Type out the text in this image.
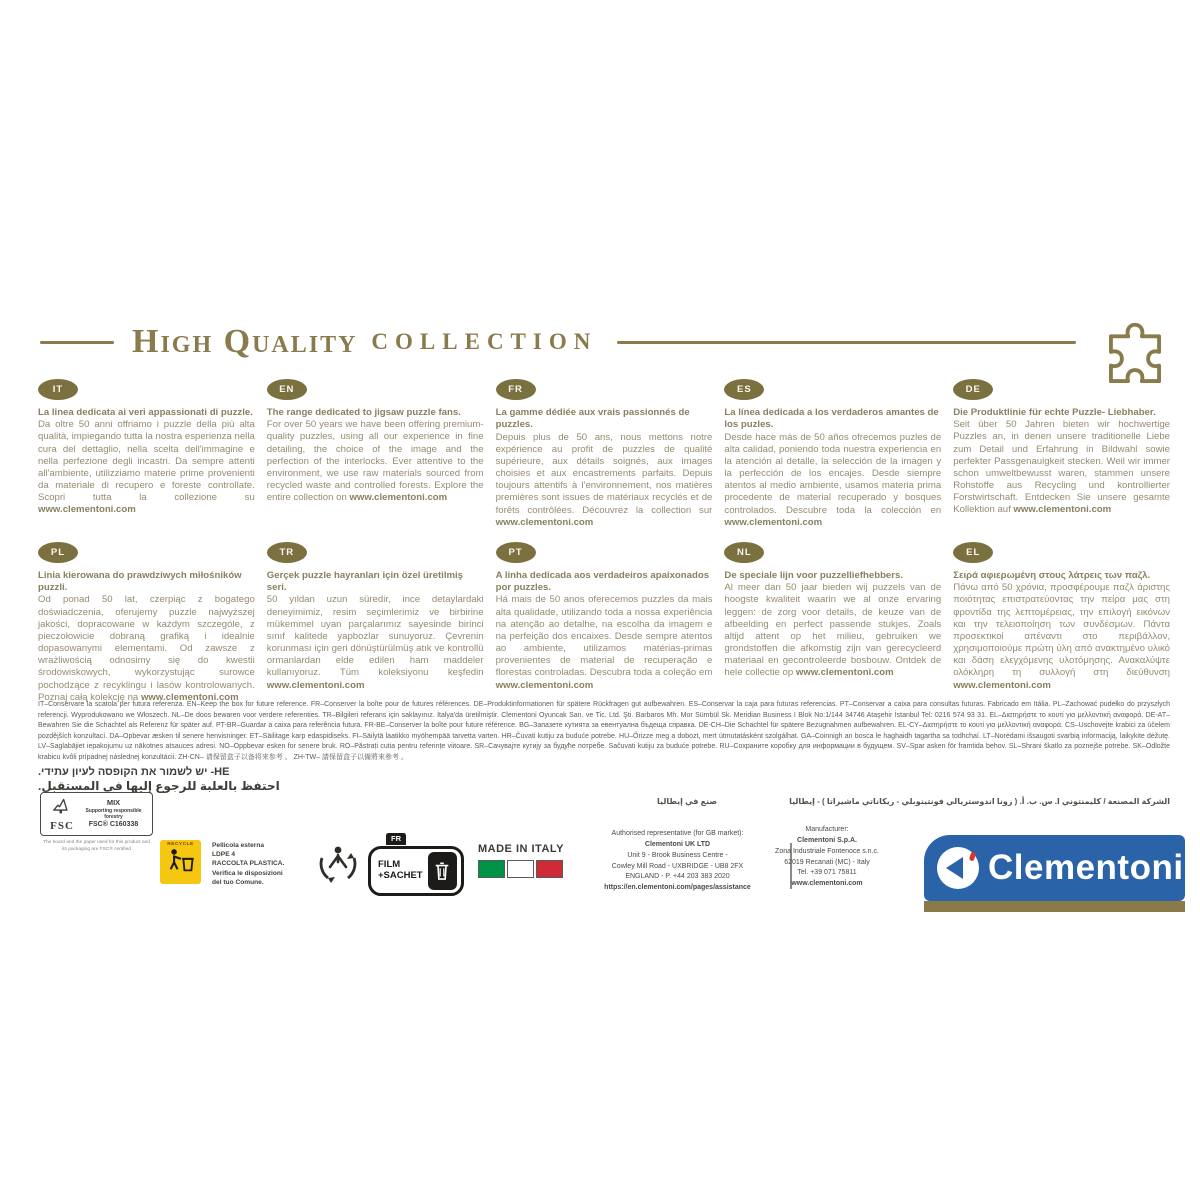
High Quality COLLECTION
IT
La linea dedicata ai veri appassionati di puzzle.
Da oltre 50 anni offriamo i puzzle della più alta qualità, impiegando tutta la nostra esperienza nella cura del dettaglio, nella scelta dell'immagine e nella perfezione degli incastri. Da sempre attenti all'ambiente, utilizziamo materie prime provenienti da materiale di recupero e foreste controllate. Scopri tutta la collezione su www.clementoni.com
EN
The range dedicated to jigsaw puzzle fans.
For over 50 years we have been offering premium-quality puzzles, using all our experience in fine detailing, the choice of the image and the perfection of the interlocks. Ever attentive to the environment, we use raw materials sourced from recycled waste and controlled forests. Explore the entire collection on www.clementoni.com
FR
La gamme dédiée aux vrais passionnés de puzzles.
Depuis plus de 50 ans, nous mettons notre expérience au profit de puzzles de qualité supérieure, aux détails soignés, aux images choisies et aux encastrements parfaits. Depuis toujours attentifs à l'environnement, nos matières premières sont issues de matériaux recyclés et de forêts contrôlées. Découvrez la collection sur www.clementoni.com
ES
La línea dedicada a los verdaderos amantes de los puzles.
Desde hace más de 50 años ofrecemos puzles de alta calidad, poniendo toda nuestra experiencia en la atención al detalle, la selección de la imagen y la perfección de los encajes. Desde siempre atentos al medio ambiente, usamos materia prima procedente de material recuperado y bosques controlados. Descubre toda la colección en www.clementoni.com
DE
Die Produktlinie für echte Puzzle- Liebhaber.
Seit über 50 Jahren bieten wir hochwertige Puzzles an, in denen unsere traditionelle Liebe zum Detail und Erfahrung in Bildwahl sowie perfekter Passgenauigkeit stecken. Weil wir immer schon umweltbewusst waren, stammen unsere Rohstoffe aus Recycling und kontrollierter Forstwirtschaft. Entdecken Sie unsere gesamte Kollektion auf www.clementoni.com
PL
Linia kierowana do prawdziwych miłośników puzzli.
Od ponad 50 lat, czerpiąc z bogatego doświadczenia, oferujemy puzzle najwyższej jakości, dopracowane w każdym szczególe, z pieczołowicie dobraną grafiką i idealnie dopasowanymi elementami. Od zawsze z wrażliwością odnosimy się do kwestii środowiskowych, wykorzystując surowce pochodzące z recyklingu i lasów kontrolowanych. Poznaj całą kolekcję na www.clementoni.com
TR
Gerçek puzzle hayranları için özel üretilmiş seri.
50 yıldan uzun süredir, ince detaylardaki deneyimimiz, resim seçimlerimiz ve birbirine mükemmel uyan parçalarımız sayesinde birinci sınıf kalitede yapbozlar sunuyoruz. Çevrenin korunması için geri dönüştürülmüş atık ve kontrollü ormanlardan elde edilen ham maddeler kullanıyoruz. Tüm koleksiyonu keşfedin www.clementoni.com
PT
A linha dedicada aos verdadeiros apaixonados por puzzles.
Há mais de 50 anos oferecemos puzzles da mais alta qualidade, utilizando toda a nossa experiência na atenção ao detalhe, na escolha da imagem e na perfeição dos encaixes. Desde sempre atentos ao ambiente, utilizamos matérias-primas provenientes de material de recuperação e florestas controladas. Descubra toda a coleção em www.clementoni.com
NL
De speciale lijn voor puzzelliefhebbers.
Al meer dan 50 jaar bieden wij puzzels van de hoogste kwaliteit waarin we al onze ervaring leggen: de zorg voor details, de keuze van de afbeelding en perfect passende stukjes. Zoals altijd attent op het milieu, gebruiken we grondstoffen die afkomstig zijn van gerecycleerd materiaal en gecontroleerde bosbouw. Ontdek de hele collectie op www.clementoni.com
EL
Σειρά αφιερωμένη στους λάτρεις των παζλ.
Πάνω από 50 χρόνια, προσφέρουμε παζλ άριστης ποιότητας επιστρατεύοντας την πείρα μας στη φροντίδα της λεπτομέρειας, την επιλογή εικόνων και την τελειοποίηση των συνδέσμων. Πάντα προσεκτικοί απέναντι στο περιβάλλον, χρησιμοποιούμε πρώτη ύλη από ανακτημένο υλικό και δάση ελεγχόμενης υλοτόμησης. Ανακαλύψτε ολόκληρη τη συλλογή στη διεύθυνση www.clementoni.com
IT–Conservare la scatola per futura referenza. EN–Keep the box for future reference. FR–Conserver la boîte pour de futures références. DE–Produktinformationen für spätere Rückfragen gut aufbewahren. ES–Conservar la caja para futuras referencias. PT–Conservar a caixa para consultas futuras. Fabricado em Itália. PL–Zachować pudełko do przyszłych referencji. Wyprodukowano we Włoszech. NL–De doos bewaren voor verdere referenties. TR–Bilgileri referans için saklayınız. İtalya'da üretilmiştir. Clementoni Oyuncak San. ve Tic. Ltd. Şti. Barbaros Mh. Mor Sümbül Sk. Meridian Business I Blok No:1/144 34746 Ataşehir İstanbul Tel: 0216 574 93 31. EL–Διατηρήστε το κουτί για μελλοντική αναφορά. DE-AT–Bewahren Sie die Schachtel als Referenz für später auf. PT-BR–Guardar a caixa para referência futura. FR-BE–Conserver la boîte pour future référence. BG–Запазете кутията за евентуална бъдеща справка. DE-CH–Die Schachtel für spätere Bezugnahmen aufbewahren. EL-CY–Διατηρήστε το κουτί για μελλοντική αναφορά. CS–Uschovejte krabici za účelem pozdějších konzultací. DA–Opbevar æsken til senere henvisninger. ET–Säilitage karp edaspidiseks. FI–Säilytä laatikko myöhempää tarvetta varten. HR–Čuvati kutiju za buduće potrebe. HU–Őrizze meg a dobozt, mert útmutatásként szolgálhat. GA–Coinnigh an bosca le haghaidh tagartha sa todhchaí. LT–Norėdami išsaugoti svarbią informaciją, laikykite dėžutę. LV–Saglabājiet iepakojumu uz nākotnes atsauces adresi. NO–Oppbevar esken for senere bruk. RO–Păstrați cutia pentru referințe viitoare. SR–Сачувајте кутију за будуће потребе. Sačuvati kutiju za buduće potrebe. RU–Сохраните коробку для информации в будущем. SV–Spar asken för framtida behov. SL–Shrani škatlo za poznejše potrebe. SK–Odložte krabicu kvôli prípadnej následnej konzultácii. ZH-CN– 请保留盒子以备将来参考 。 ZH-TW– 請保留盒子以備將來參考 。
HE- יש לשמור את הקופסה לעיון עתידי.
احتفظ بالعلبة للرجوع إليها في المستقبل.
الشركة المصنعة / كليمنتوني ا. س. ب. أ. ( زونا اندوستريالي فونتينوبلي - ريكاناتي ماشيراتا ) - إيطاليا
صنع في إيطاليا
FSC
MIX
Supporting responsible forestry
FSC® C160338
The board and the paper used for this product and its packaging are FSC® certified
RECYCLE	Pellicola esterna
LDPE 4
RACCOLTA PLASTICA.
Verifica le disposizioni
del tuo Comune.
FR
FILM
+SACHET
MADE IN ITALY
Authorised representative (for GB market):
Clementoni UK LTD
Unit 9 - Brook Business Centre -
Cowley Mill Road - UXBRIDGE - UB8 2FX
ENGLAND - P. +44 203 383 2020
https://en.clementoni.com/pages/assistance
Manufacturer:
Clementoni S.p.A.
Zona Industriale Fontenoce s.n.c.
62019 Recanati (MC) - Italy
Tel. +39 071 75811
www.clementoni.com	Clementoni.
